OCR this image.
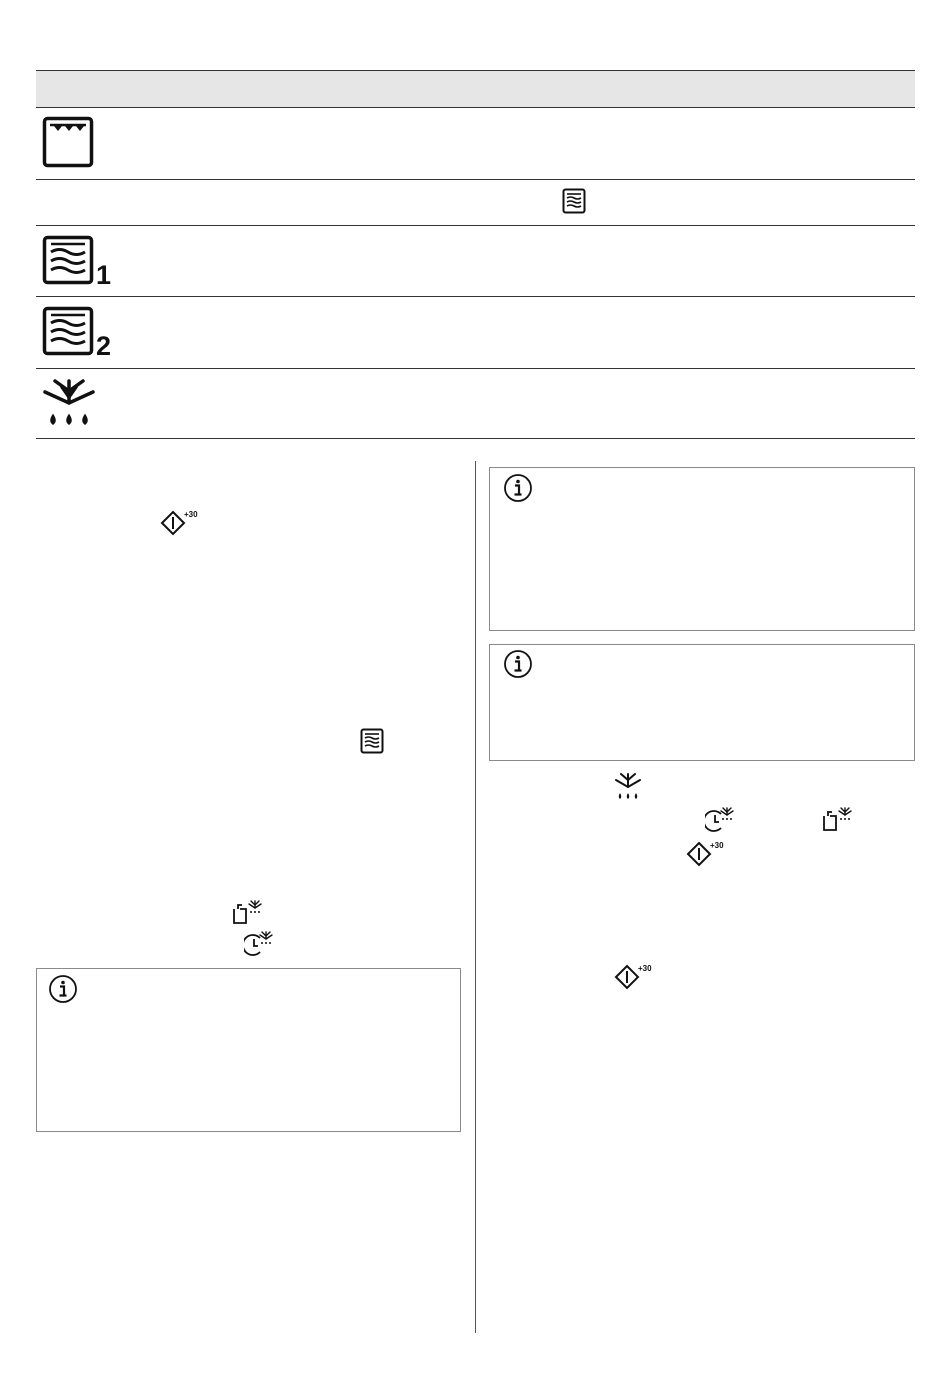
1
2
+30
+30
+30
